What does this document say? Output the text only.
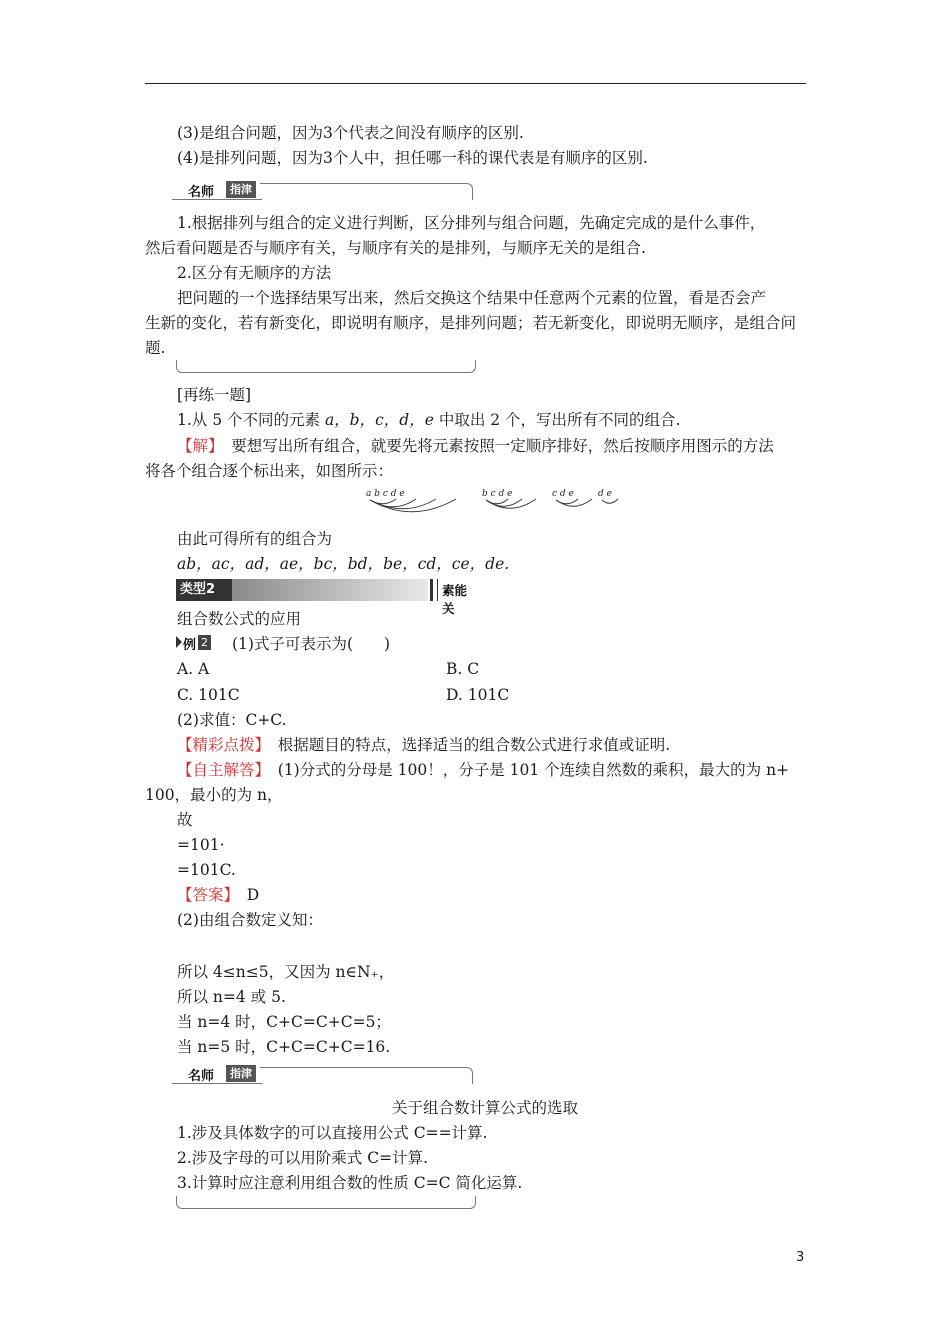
(3)是组合问题，因为3个代表之间没有顺序的区别.
(4)是排列问题，因为3个人中，担任哪一科的课代表是有顺序的区别.
名师	指津
1.根据排列与组合的定义进行判断，区分排列与组合问题，先确定完成的是什么事件，
然后看问题是否与顺序有关，与顺序有关的是排列，与顺序无关的是组合.
2.区分有无顺序的方法
把问题的一个选择结果写出来，然后交换这个结果中任意两个元素的位置，看是否会产
生新的变化，若有新变化，即说明有顺序，是排列问题；若无新变化，即说明无顺序，是组合问
题.
[再练一题]
1.从 5 个不同的元素 a，b，c，d，e 中取出 2 个，写出所有不同的组合.
【解】　要想写出所有组合，就要先将元素按照一定顺序排好，然后按顺序用图示的方法
将各个组合逐个标出来，如图所示：
a b c d e	b c d e	c d e	d e
由此可得所有的组合为
ab，ac，ad，ae，bc，bd，be，cd，ce，de.
类型2	素能关
组合数公式的应用
例 2 (1)式子可表示为(　　)
A. A	B. C
C. 101C	D. 101C
(2)求值：C+C.
【精彩点拨】　根据题目的特点，选择适当的组合数公式进行求值或证明.
【自主解答】　(1)分式的分母是 100！，分子是 101 个连续自然数的乘积，最大的为 n+
100，最小的为 n，
故
=101·
=101C.
【答案】　D
(2)由组合数定义知：
所以 4≤n≤5，又因为 n∈N₊，
所以 n=4 或 5.
当 n=4 时，C+C=C+C=5；
当 n=5 时，C+C=C+C=16.
名师	指津
关于组合数计算公式的选取
1.涉及具体数字的可以直接用公式 C==计算.
2.涉及字母的可以用阶乘式 C=计算.
3.计算时应注意利用组合数的性质 C=C 简化运算.
3
